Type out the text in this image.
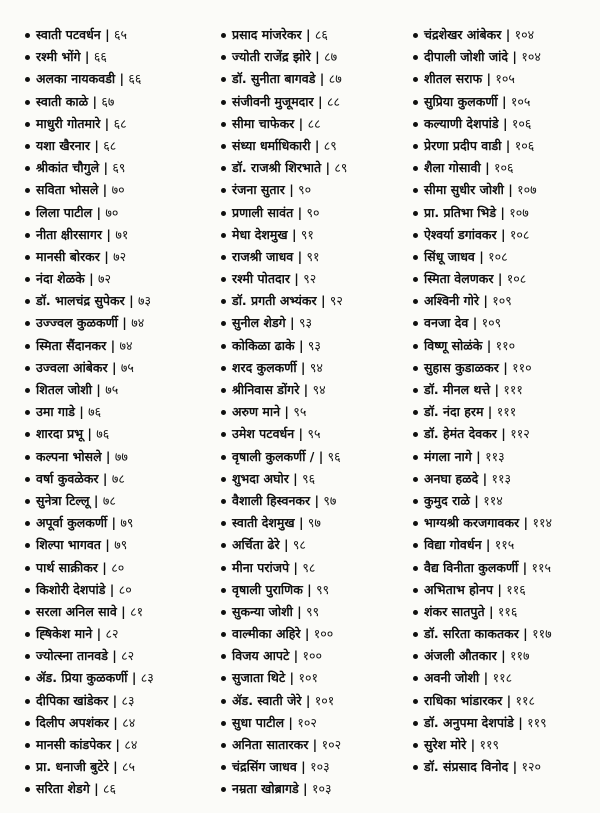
स्वाती पटवर्धन | ६५
रश्मी भोंगे | ६६
अलका नायकवडी | ६६
स्वाती काळे | ६७
माधुरी गोतमारे | ६८
यशा खैरनार | ६८
श्रीकांत चौगुले | ६९
सविता भोसले | ७०
लिला पाटील | ७०
नीता क्षीरसागर | ७१
मानसी बोरकर | ७२
नंदा शेळके | ७२
डॉ. भालचंद्र सुपेकर | ७३
उज्ज्वल कुळकर्णी | ७४
स्मिता सैंदानकर | ७४
उज्वला आंबेकर | ७५
शितल जोशी | ७५
उमा गाडे | ७६
शारदा प्रभू | ७६
कल्पना भोसले | ७७
वर्षा कुवळेकर | ७८
सुनेत्रा टिल्लू | ७८
अपूर्वा कुलकर्णी | ७९
शिल्पा भागवत | ७९
पार्थ साक्रीकर | ८०
किशोरी देशपांडे | ८०
सरला अनिल सावे | ८१
ह्षिकेश माने | ८२
ज्योत्स्ना तानवडे | ८२
ॲड. प्रिया कुळकर्णी | ८३
दीपिका खांडेकर | ८३
दिलीप अपशंकर | ८४
मानसी कांडपेकर | ८४
प्रा. धनाजी बुटेरे | ८५
सरिता शेडगे | ८६
प्रसाद मांजरेकर | ८६
ज्योती राजेंद्र झोरे | ८७
डॉ. सुनीता बागवडे | ८७
संजीवनी मुजूमदार | ८८
सीमा चाफेकर | ८८
संध्या धर्माधिकारी | ८९
डॉ. राजश्री शिरभाते | ८९
रंजना सुतार | ९०
प्रणाली सावंत | ९०
मेधा देशमुख | ९१
राजश्री जाधव | ९१
रश्मी पोतदार | ९२
डॉ. प्रगती अभ्यंकर | ९२
सुनील शेडगे | ९३
कोकिळा ढाके | ९३
शरद कुलकर्णी | ९४
श्रीनिवास डोंगरे | ९४
अरुण माने | ९५
उमेश पटवर्धन | ९५
वृषाली कुलकर्णी / | ९६
शुभदा अघोर | ९६
वैशाली हिस्वनकर | ९७
स्वाती देशमुख | ९७
अर्चिता ढेरे | ९८
मीना परांजपे | ९८
वृषाली पुराणिक | ९९
सुकन्या जोशी | ९९
वाल्मीका अहिरे | १००
विजय आपटे | १००
सुजाता थिटे | १०१
ॲड. स्वाती जेरे | १०१
सुधा पाटील | १०२
अनिता सातारकर | १०२
चंद्रसिंग जाधव | १०३
नम्रता खोब्रागडे | १०३
चंद्रशेखर आंबेकर | १०४
दीपाली जोशी जांदे | १०४
शीतल सराफ | १०५
सुप्रिया कुलकर्णी | १०५
कल्याणी देशपांडे | १०६
प्रेरणा प्रदीप वाडी | १०६
शैला गोसावी | १०६
सीमा सुधीर जोशी | १०७
प्रा. प्रतिभा भिडे | १०७
ऐश्वर्या डगांवकर | १०८
सिंधू जाधव | १०८
स्मिता वेलणकर | १०८
अश्विनी गोरे | १०९
वनजा देव | १०९
विष्णू सोळंके | ११०
सुहास कुडाळकर | ११०
डॉ. मीनल थत्ते | १११
डॉ. नंदा हरम | १११
डॉ. हेमंत देवकर | ११२
मंगला नागे | ११३
अनघा हळदे | ११३
कुमुद राळे | ११४
भाग्यश्री करजगावकर | ११४
विद्या गोवर्धन | ११५
वैद्य विनीता कुलकर्णी | ११५
अभिताभ होनप | ११६
शंकर सातपुते | ११६
डॉ. सरिता काकतकर | ११७
अंजली औतकार | ११७
अवनी जोशी | ११८
राधिका भांडारकर | ११८
डॉ. अनुपमा देशपांडे | ११९
सुरेश मोरे | ११९
डॉ. संप्रसाद विनोद | १२०
